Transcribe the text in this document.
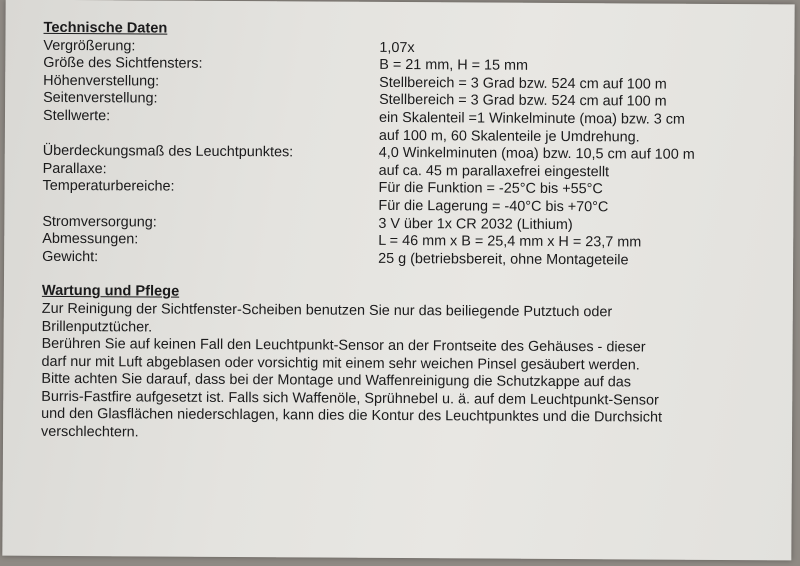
Technische Daten
Vergrößerung:	1,07x
Größe des Sichtfensters:	B = 21 mm, H = 15 mm
Höhenverstellung:	Stellbereich = 3 Grad bzw. 524 cm auf 100 m
Seitenverstellung:	Stellbereich = 3 Grad bzw. 524 cm auf 100 m
Stellwerte:	ein Skalenteil =1 Winkelminute (moa) bzw. 3 cm
auf 100 m, 60 Skalenteile je Umdrehung.
Überdeckungsmaß des Leuchtpunktes:	4,0 Winkelminuten (moa) bzw. 10,5 cm auf 100 m
Parallaxe:	auf ca. 45 m parallaxefrei eingestellt
Temperaturbereiche:	Für die Funktion = -25°C bis +55°C
Für die Lagerung = -40°C bis +70°C
Stromversorgung:	3 V über 1x CR 2032 (Lithium)
Abmessungen:	L = 46 mm x B = 25,4 mm x H = 23,7 mm
Gewicht:	25 g (betriebsbereit, ohne Montageteile
Wartung und Pflege
Zur Reinigung der Sichtfenster-Scheiben benutzen Sie nur das beiliegende Putztuch oder
Brillenputztücher.
Berühren Sie auf keinen Fall den Leuchtpunkt-Sensor an der Frontseite des Gehäuses - dieser
darf nur mit Luft abgeblasen oder vorsichtig mit einem sehr weichen Pinsel gesäubert werden.
Bitte achten Sie darauf, dass bei der Montage und Waffenreinigung die Schutzkappe auf das
Burris-Fastfire aufgesetzt ist. Falls sich Waffenöle, Sprühnebel u. ä. auf dem Leuchtpunkt-Sensor
und den Glasflächen niederschlagen, kann dies die Kontur des Leuchtpunktes und die Durchsicht
verschlechtern.
